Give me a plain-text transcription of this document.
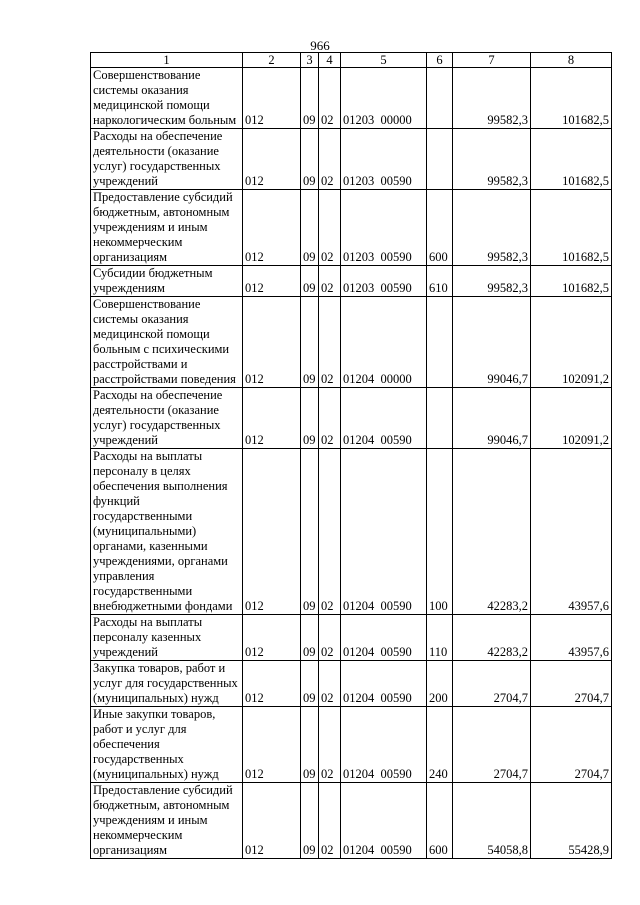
966
1	2	3	4	5	6	7	8
Совершенствование системы оказания медицинской помощи наркологическим больным	012	09	02	01203  00000		99582,3	101682,5
Расходы на обеспечение деятельности (оказание услуг) государственных учреждений	012	09	02	01203  00590		99582,3	101682,5
Предоставление субсидий бюджетным, автономным учреждениям и иным некоммерческим организациям	012	09	02	01203  00590	600	99582,3	101682,5
Субсидии бюджетным учреждениям	012	09	02	01203  00590	610	99582,3	101682,5
Совершенствование системы оказания медицинской помощи больным с психическими расстройствами и расстройствами поведения	012	09	02	01204  00000		99046,7	102091,2
Расходы на обеспечение деятельности (оказание услуг) государственных учреждений	012	09	02	01204  00590		99046,7	102091,2
Расходы на выплаты персоналу в целях обеспечения выполнения функций государственными (муниципальными) органами, казенными учреждениями, органами управления государственными внебюджетными фондами	012	09	02	01204  00590	100	42283,2	43957,6
Расходы на выплаты персоналу казенных учреждений	012	09	02	01204  00590	110	42283,2	43957,6
Закупка товаров, работ и услуг для государственных (муниципальных) нужд	012	09	02	01204  00590	200	2704,7	2704,7
Иные закупки товаров, работ и услуг для обеспечения государственных (муниципальных) нужд	012	09	02	01204  00590	240	2704,7	2704,7
Предоставление субсидий бюджетным, автономным учреждениям и иным некоммерческим организациям	012	09	02	01204  00590	600	54058,8	55428,9
